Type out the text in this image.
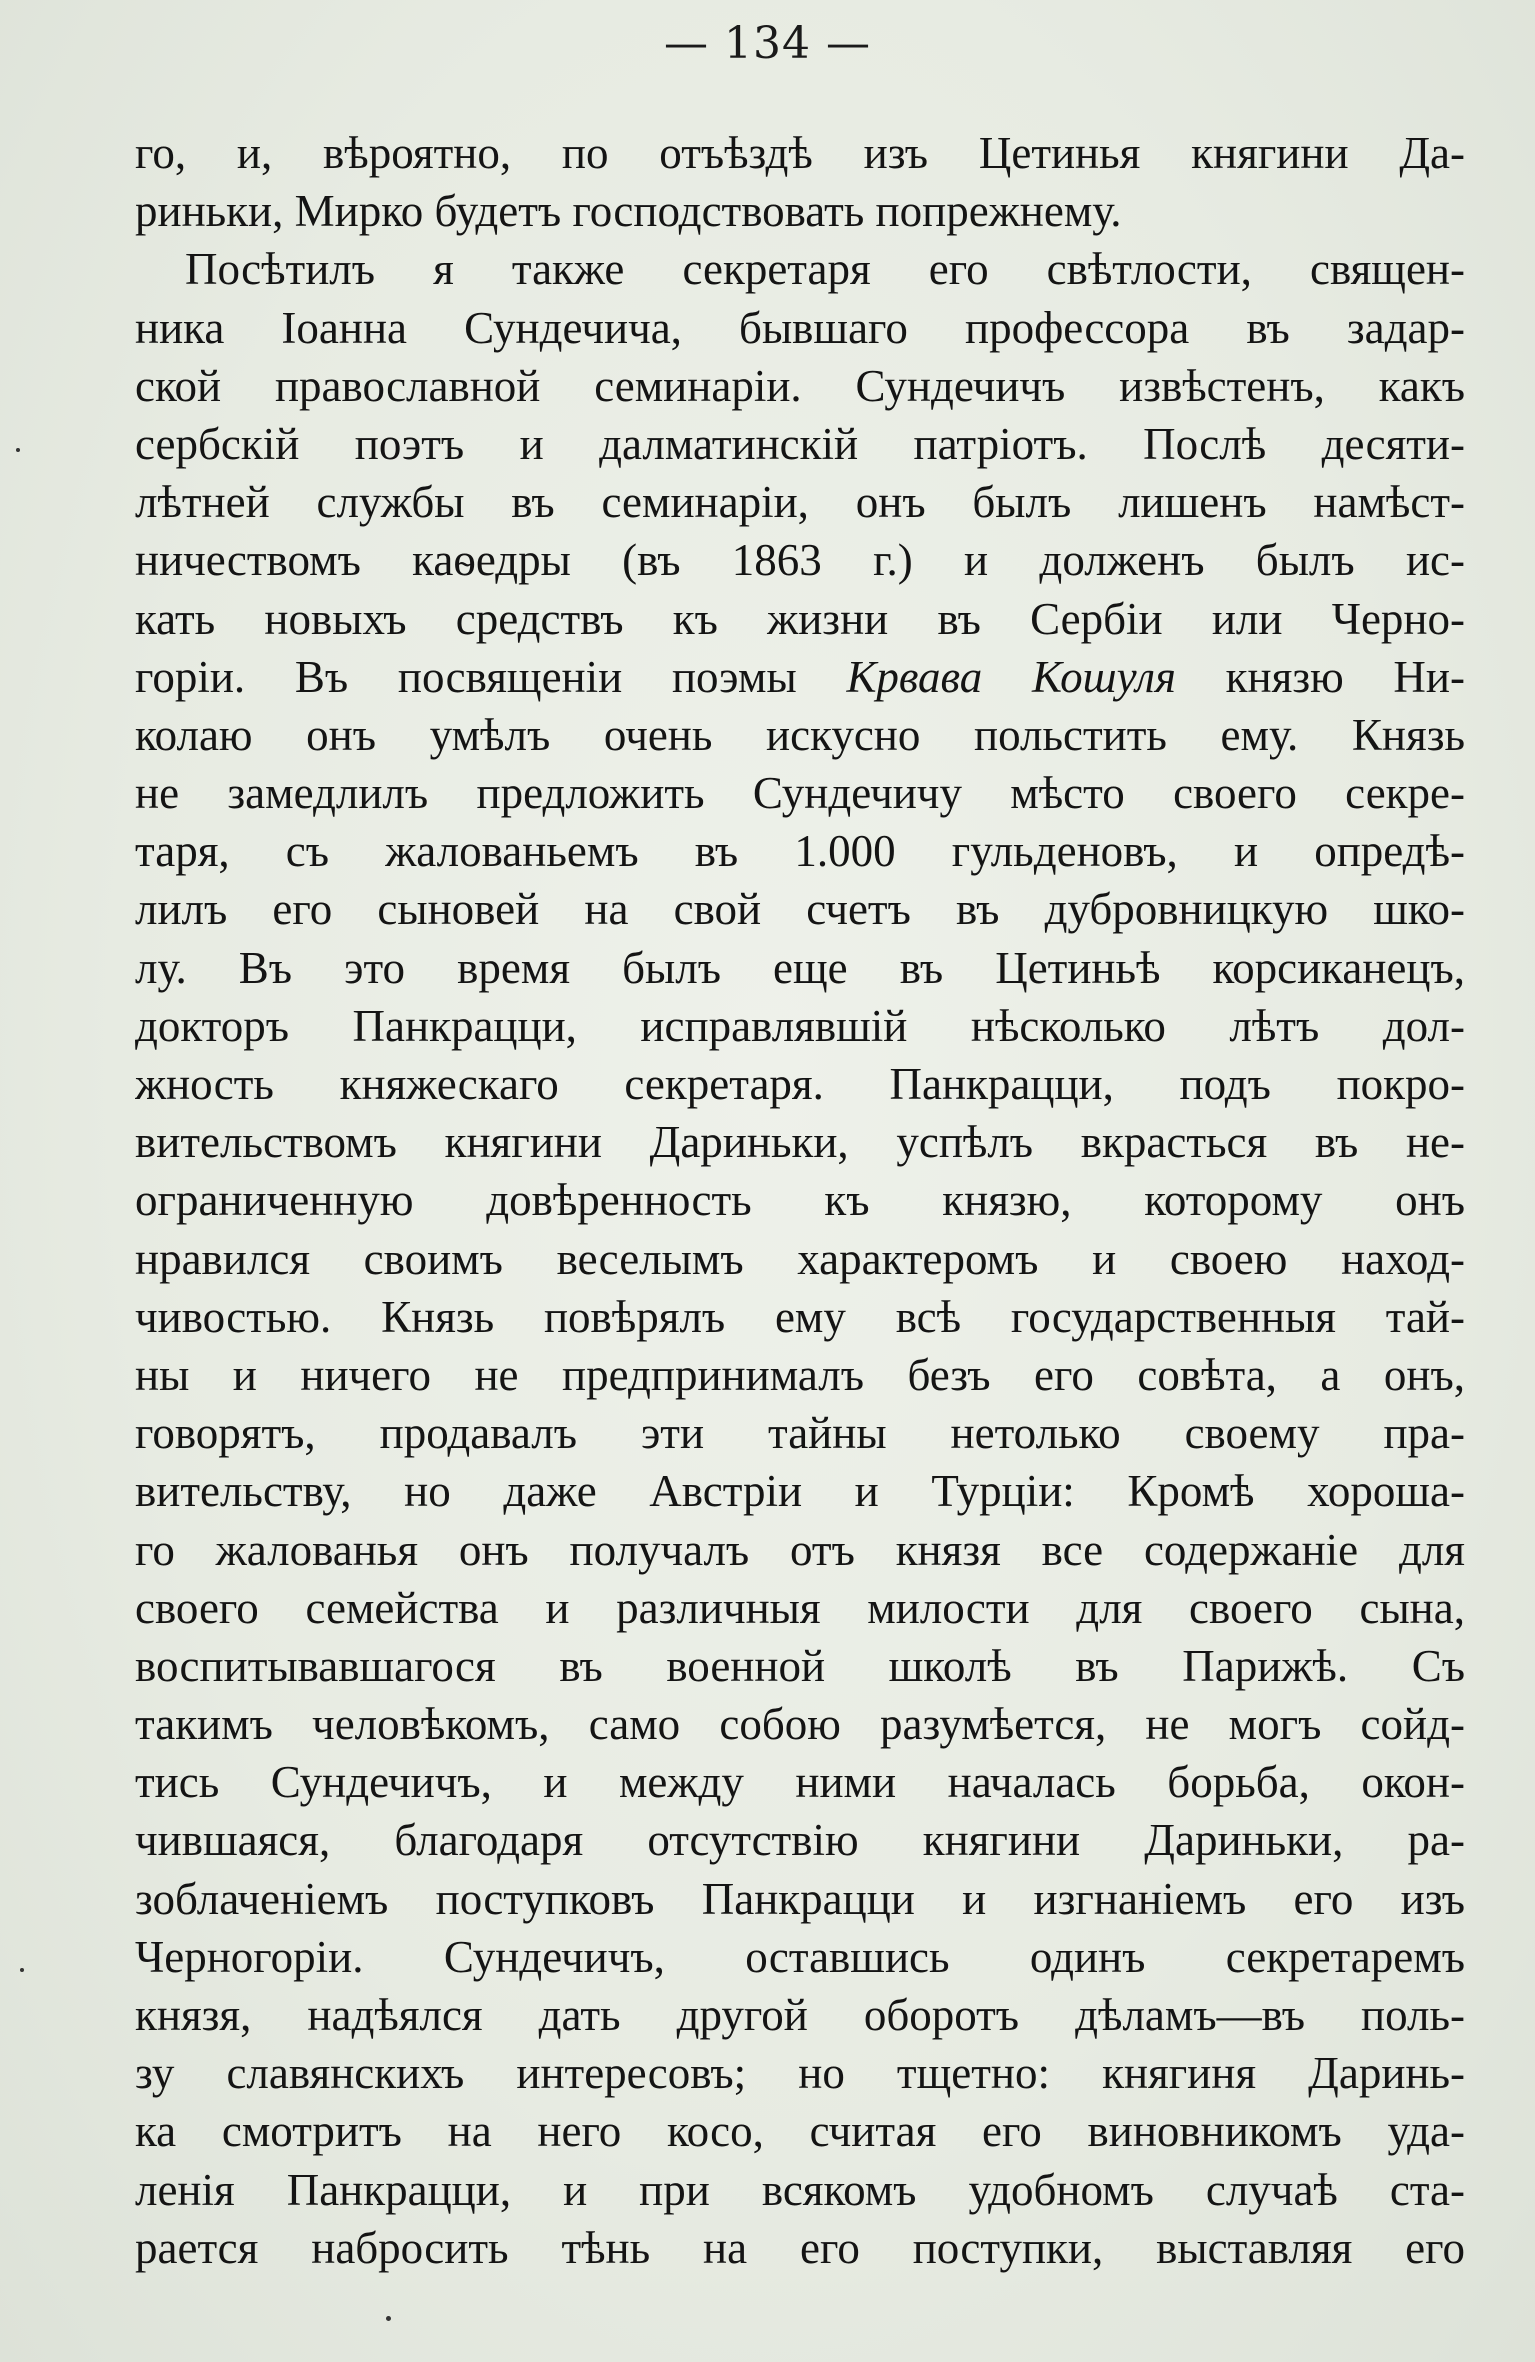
— 134 —
го, и, вѣроятно, по отъѣздѣ изъ Цетинья княгини Да-
риньки, Мирко будетъ господствовать попрежнему.
Посѣтилъ я также секретаря его свѣтлости, священ-
ника Іоанна Сундечича, бывшаго профессора въ задар-
ской православной семинаріи. Сундечичъ извѣстенъ, какъ
сербскій поэтъ и далматинскій патріотъ. Послѣ десяти-
лѣтней службы въ семинаріи, онъ былъ лишенъ намѣст-
ничествомъ каѳедры (въ 1863 г.) и долженъ былъ ис-
кать новыхъ средствъ къ жизни въ Сербіи или Черно-
горіи. Въ посвященіи поэмы Крвава Кошуля князю Ни-
колаю онъ умѣлъ очень искусно польстить ему. Князь
не замедлилъ предложить Сундечичу мѣсто своего секре-
таря, съ жалованьемъ въ 1.000 гульденовъ, и опредѣ-
лилъ его сыновей на свой счетъ въ дубровницкую шко-
лу. Въ это время былъ еще въ Цетиньѣ корсиканецъ,
докторъ Панкрацци, исправлявшій нѣсколько лѣтъ дол-
жность княжескаго секретаря. Панкрацци, подъ покро-
вительствомъ княгини Дариньки, успѣлъ вкрасться въ не-
ограниченную довѣренность къ князю, которому онъ
нравился своимъ веселымъ характеромъ и своею наход-
чивостью. Князь повѣрялъ ему всѣ государственныя тай-
ны и ничего не предпринималъ безъ его совѣта, а онъ,
говорятъ, продавалъ эти тайны нетолько своему пра-
вительству, но даже Австріи и Турціи: Кромѣ хороша-
го жалованья онъ получалъ отъ князя все содержаніе для
своего семейства и различныя милости для своего сына,
воспитывавшагося въ военной школѣ въ Парижѣ. Съ
такимъ человѣкомъ, само собою разумѣется, не могъ сойд-
тись Сундечичъ, и между ними началась борьба, окон-
чившаяся, благодаря отсутствію княгини Дариньки, ра-
зоблаченіемъ поступковъ Панкрацци и изгнаніемъ его изъ
Черногоріи. Сундечичъ, оставшись одинъ секретаремъ
князя, надѣялся дать другой оборотъ дѣламъ—въ поль-
зу славянскихъ интересовъ; но тщетно: княгиня Даринь-
ка смотритъ на него косо, считая его виновникомъ уда-
ленія Панкрацци, и при всякомъ удобномъ случаѣ ста-
рается набросить тѣнь на его поступки, выставляя его
